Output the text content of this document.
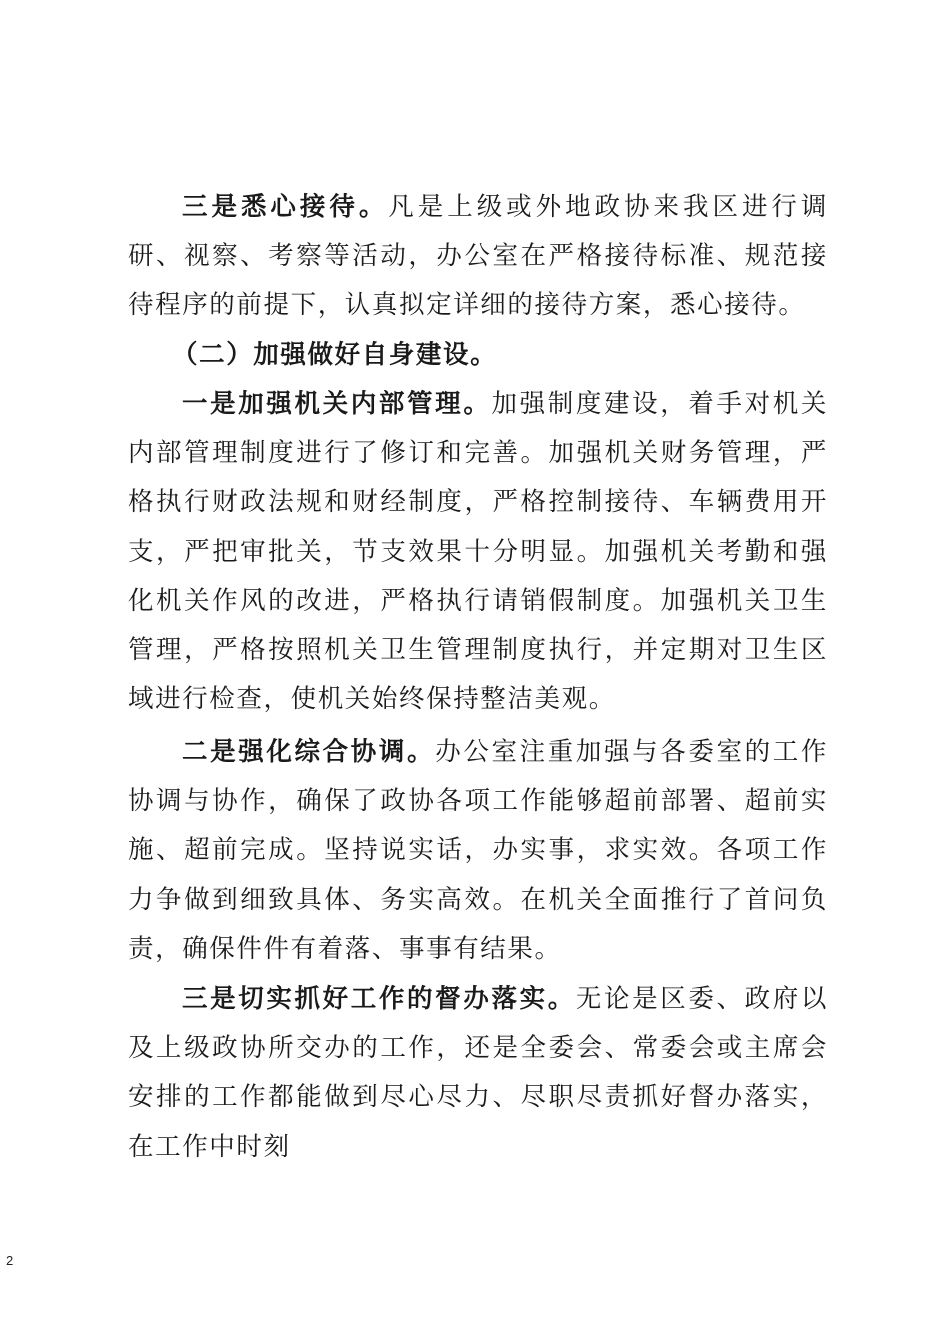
三是悉心接待。凡是上级或外地政协来我区进行调研、视察、考察等活动，办公室在严格接待标准、规范接待程序的前提下，认真拟定详细的接待方案，悉心接待。

（二）加强做好自身建设。

一是加强机关内部管理。加强制度建设，着手对机关内部管理制度进行了修订和完善。加强机关财务管理，严格执行财政法规和财经制度，严格控制接待、车辆费用开支，严把审批关，节支效果十分明显。加强机关考勤和强化机关作风的改进，严格执行请销假制度。加强机关卫生管理，严格按照机关卫生管理制度执行，并定期对卫生区域进行检查，使机关始终保持整洁美观。

二是强化综合协调。办公室注重加强与各委室的工作协调与协作，确保了政协各项工作能够超前部署、超前实施、超前完成。坚持说实话，办实事，求实效。各项工作力争做到细致具体、务实高效。在机关全面推行了首问负责，确保件件有着落、事事有结果。

三是切实抓好工作的督办落实。无论是区委、政府以及上级政协所交办的工作，还是全委会、常委会或主席会安排的工作都能做到尽心尽力、尽职尽责抓好督办落实，在工作中时刻

2
